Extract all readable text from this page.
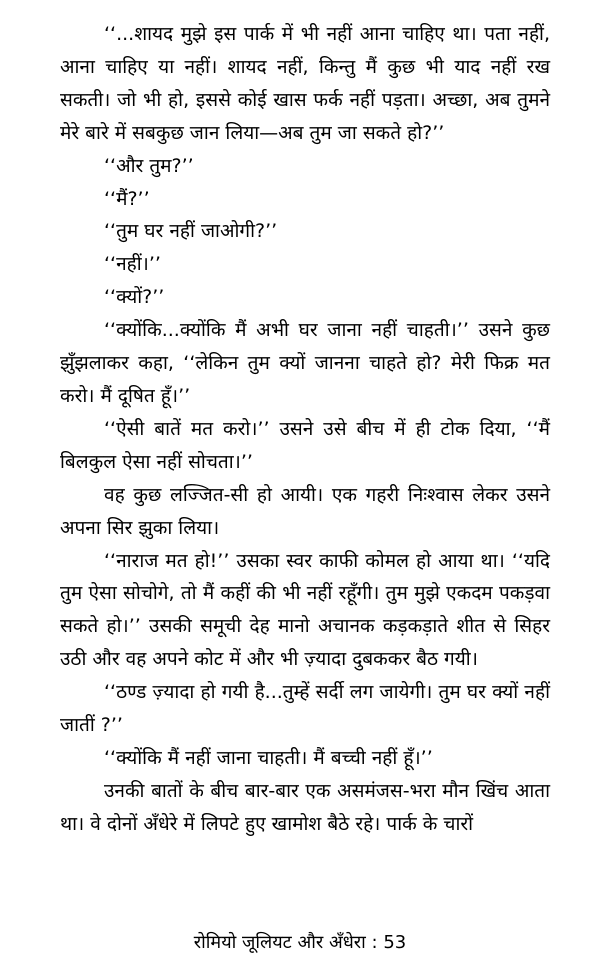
‘‘...शायद मुझे इस पार्क में भी नहीं आना चाहिए था। पता नहीं, आना चाहिए या नहीं। शायद नहीं, किन्तु मैं कुछ भी याद नहीं रख सकती। जो भी हो, इससे कोई खास फर्क नहीं पड़ता। अच्छा, अब तुमने मेरे बारे में सबकुछ जान लिया—अब तुम जा सकते हो?’’

‘‘और तुम?’’

‘‘मैं?’’

‘‘तुम घर नहीं जाओगी?’’

‘‘नहीं।’’

‘‘क्यों?’’

‘‘क्योंकि...क्योंकि मैं अभी घर जाना नहीं चाहती।’’ उसने कुछ झुँझलाकर कहा, ‘‘लेकिन तुम क्यों जानना चाहते हो? मेरी फिक्र मत करो। मैं दूषित हूँ।’’

‘‘ऐसी बातें मत करो।’’ उसने उसे बीच में ही टोक दिया, ‘‘मैं बिलकुल ऐसा नहीं सोचता।’’

वह कुछ लज्जित-सी हो आयी। एक गहरी निःश्वास लेकर उसने अपना सिर झुका लिया।

‘‘नाराज मत हो!’’ उसका स्वर काफी कोमल हो आया था। ‘‘यदि तुम ऐसा सोचोगे, तो मैं कहीं की भी नहीं रहूँगी। तुम मुझे एकदम पकड़वा सकते हो।’’ उसकी समूची देह मानो अचानक कड़कड़ाते शीत से सिहर उठी और वह अपने कोट में और भी ज़्यादा दुबककर बैठ गयी।

‘‘ठण्ड ज़्यादा हो गयी है...तुम्हें सर्दी लग जायेगी। तुम घर क्यों नहीं जातीं ?’’

‘‘क्योंकि मैं नहीं जाना चाहती। मैं बच्ची नहीं हूँ।’’

उनकी बातों के बीच बार-बार एक असमंजस-भरा मौन खिंच आता था। वे दोनों अँधेरे में लिपटे हुए खामोश बैठे रहे। पार्क के चारों

रोमियो जूलियट और अँधेरा : 53
